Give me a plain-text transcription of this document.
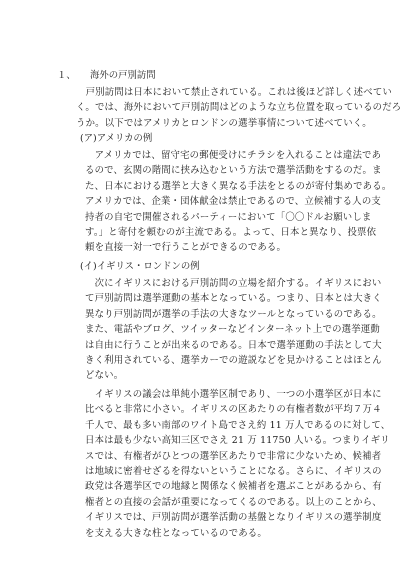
１、 海外の戸別訪問
　戸別訪問は日本において禁止されている。これは後ほど詳しく述べてい
く。では、海外において戸別訪問はどのような立ち位置を取っているのだろ
うか。以下ではアメリカとロンドンの選挙事情について述べていく。
(ア)アメリカの例
　アメリカでは、留守宅の郵便受けにチラシを入れることは違法であ
るので、玄関の階間に挟み込むという方法で選挙活動をするのだ。ま
た、日本における選挙と大きく異なる手法をとるのが寄付集めである。
アメリカでは、企業・団体献金は禁止であるので、立候補する人の支
持者の自宅で開催されるパーティーにおいて「〇〇ドルお願いしま
す。」と寄付を頼むのが主流である。よって、日本と異なり、投票依
頼を直接一対一で行うことができるのである。
(イ)イギリス・ロンドンの例
　次にイギリスにおける戸別訪問の立場を紹介する。イギリスにおい
て戸別訪問は選挙運動の基本となっている。つまり、日本とは大きく
異なり戸別訪問が選挙の手法の大きなツールとなっているのである。
また、電話やブログ、ツイッターなどインターネット上での選挙運動
は自由に行うことが出来るのである。日本で選挙運動の手法として大
きく利用されている、選挙カーでの遊説などを見かけることはほとん
どない。
　イギリスの議会は単純小選挙区制であり、一つの小選挙区が日本に
比べると非常に小さい。イギリスの区あたりの有権者数が平均７万４
千人で、最も多い南部のワイト島でさえ約 11 万人であるのに対して、
日本は最も少ない高知三区でさえ 21 万 11750 人いる。つまりイギリ
スでは、有権者がひとつの選挙区あたりで非常に少ないため、候補者
は地域に密着せざるを得ないということになる。さらに、イギリスの
政党は各選挙区での地縁と関係なく候補者を選ぶことがあるから、有
権者との直接の会話が重要になってくるのである。以上のことから、
イギリスでは、戸別訪問が選挙活動の基盤となりイギリスの選挙制度
を支える大きな柱となっているのである。
